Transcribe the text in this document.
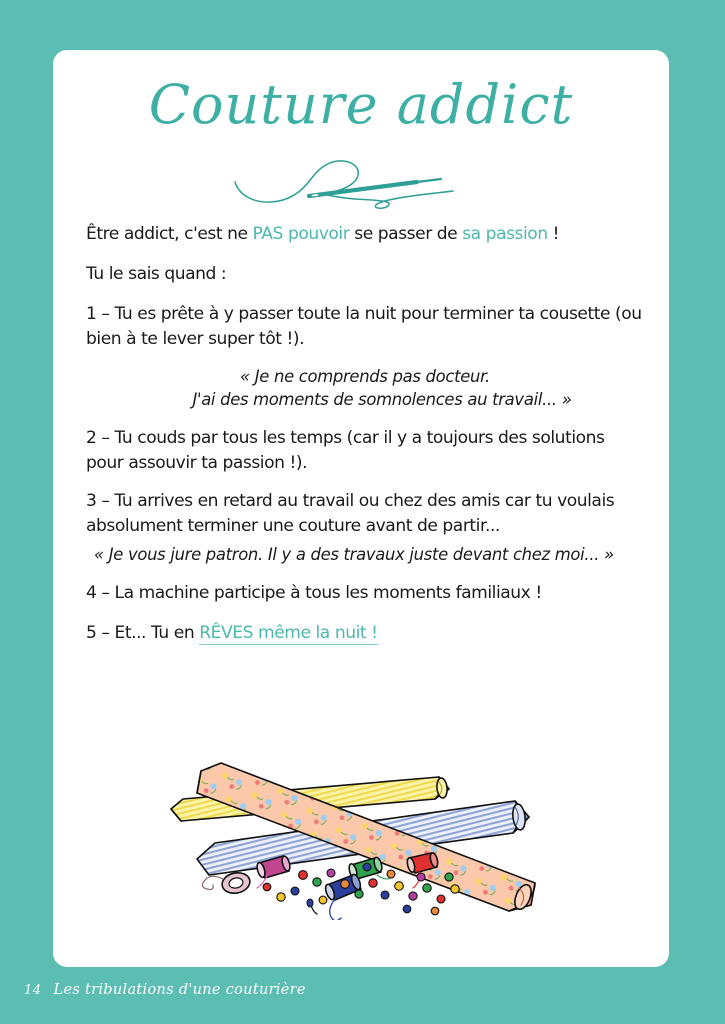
Couture addict

Être addict, c'est ne PAS pouvoir se passer de sa passion !

Tu le sais quand :

1 – Tu es prête à y passer toute la nuit pour terminer ta cousette (ou bien à te lever super tôt !).

« Je ne comprends pas docteur.
J'ai des moments de somnolences au travail... »

2 – Tu couds par tous les temps (car il y a toujours des solutions pour assouvir ta passion !).

3 – Tu arrives en retard au travail ou chez des amis car tu voulais absolument terminer une couture avant de partir...

« Je vous jure patron. Il y a des travaux juste devant chez moi... »

4 – La machine participe à tous les moments familiaux !

5 – Et... Tu en RÊVES même la nuit !

14 Les tribulations d'une couturière
